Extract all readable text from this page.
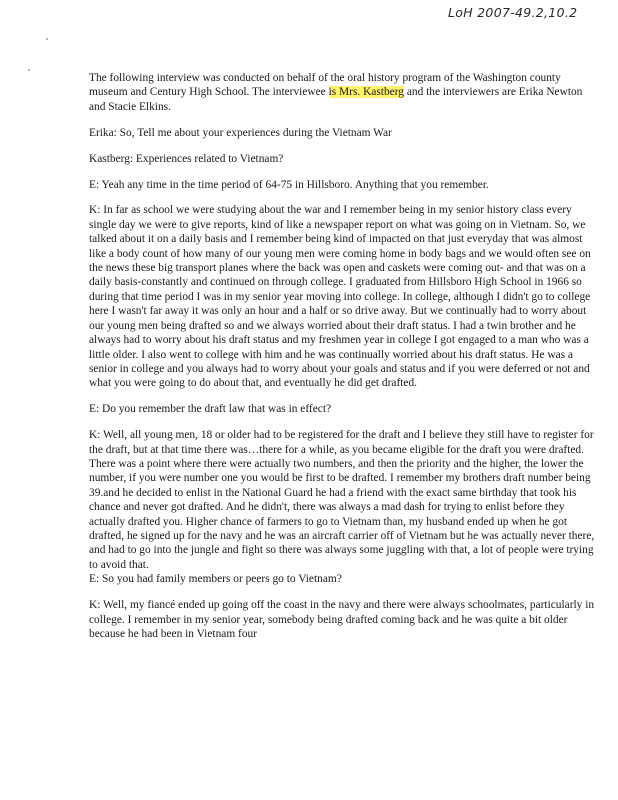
LoH 2007-49.2,10.2

The following interview was conducted on behalf of the oral history program of the Washington county museum and Century High School. The interviewee is Mrs. Kastberg and the interviewers are Erika Newton and Stacie Elkins.

Erika: So, Tell me about your experiences during the Vietnam War

Kastberg: Experiences related to Vietnam?

E: Yeah any time in the time period of 64-75 in Hillsboro. Anything that you remember.

K: In far as school we were studying about the war and I remember being in my senior history class every single day we were to give reports, kind of like a newspaper report on what was going on in Vietnam. So, we talked about it on a daily basis and I remember being kind of impacted on that just everyday that was almost like a body count of how many of our young men were coming home in body bags and we would often see on the news these big transport planes where the back was open and caskets were coming out- and that was on a daily basis-constantly and continued on through college. I graduated from Hillsboro High School in 1966 so during that time period I was in my senior year moving into college. In college, although I didn't go to college here I wasn't far away it was only an hour and a half or so drive away. But we continually had to worry about our young men being drafted so and we always worried about their draft status. I had a twin brother and he always had to worry about his draft status and my freshmen year in college I got engaged to a man who was a little older. I also went to college with him and he was continually worried about his draft status. He was a senior in college and you always had to worry about your goals and status and if you were deferred or not and what you were going to do about that, and eventually he did get drafted.

E: Do you remember the draft law that was in effect?

K: Well, all young men, 18 or older had to be registered for the draft and I believe they still have to register for the draft, but at that time there was…there for a while, as you became eligible for the draft you were drafted. There was a point where there were actually two numbers, and then the priority and the higher, the lower the number, if you were number one you would be first to be drafted. I remember my brothers draft number being 39.and he decided to enlist in the National Guard he had a friend with the exact same birthday that took his chance and never got drafted. And he didn't, there was always a mad dash for trying to enlist before they actually drafted you. Higher chance of farmers to go to Vietnam than, my husband ended up when he got drafted, he signed up for the navy and he was an aircraft carrier off of Vietnam but he was actually never there, and had to go into the jungle and fight so there was always some juggling with that, a lot of people were trying to avoid that.

E: So you had family members or peers go to Vietnam?

K: Well, my fiancé ended up going off the coast in the navy and there were always schoolmates, particularly in college. I remember in my senior year, somebody being drafted coming back and he was quite a bit older because he had been in Vietnam four
